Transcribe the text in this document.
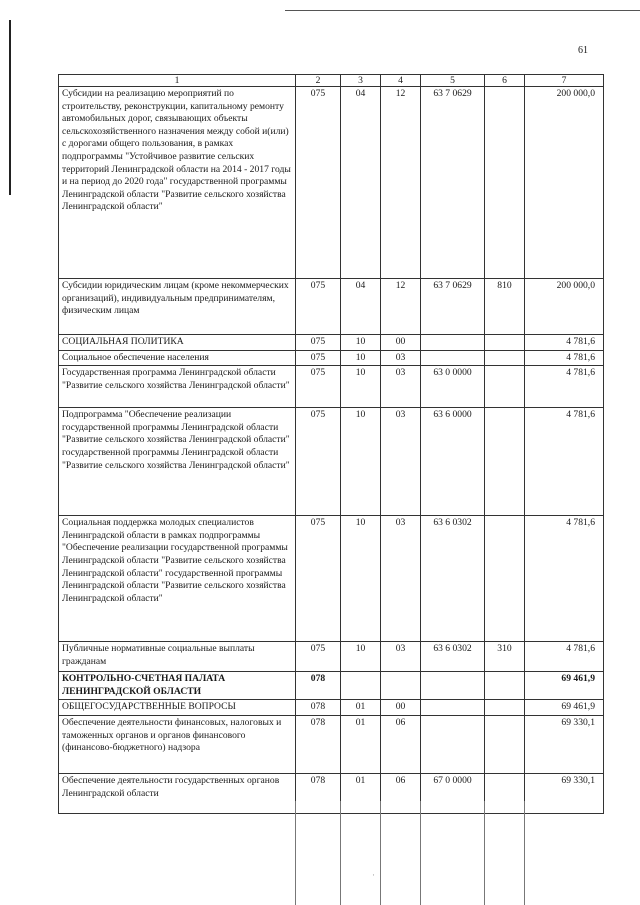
61
1	2	3	4	5	6	7
Субсидии на реализацию мероприятий по строительству, реконструкции, капитальному ремонту автомобильных дорог, связывающих объекты сельскохозяйственного назначения между собой и(или) с дорогами общего пользования, в рамках подпрограммы "Устойчивое развитие сельских территорий Ленинградской области на 2014 - 2017 годы и на период до 2020 года" государственной программы Ленинградской области "Развитие сельского хозяйства Ленинградской области"	075	04	12	63 7 0629		200 000,0
Субсидии юридическим лицам (кроме некоммерческих организаций), индивидуальным предпринимателям, физическим лицам	075	04	12	63 7 0629	810	200 000,0
СОЦИАЛЬНАЯ ПОЛИТИКА	075	10	00			4 781,6
Социальное обеспечение населения	075	10	03			4 781,6
Государственная программа Ленинградской области "Развитие сельского хозяйства Ленинградской области"	075	10	03	63 0 0000		4 781,6
Подпрограмма "Обеспечение реализации государственной программы Ленинградской области "Развитие сельского хозяйства Ленинградской области" государственной программы Ленинградской области "Развитие сельского хозяйства Ленинградской области"	075	10	03	63 6 0000		4 781,6
Социальная поддержка молодых специалистов Ленинградской области в рамках подпрограммы "Обеспечение реализации государственной программы Ленинградской области "Развитие сельского хозяйства Ленинградской области" государственной программы Ленинградской области "Развитие сельского хозяйства Ленинградской области"	075	10	03	63 6 0302		4 781,6
Публичные нормативные социальные выплаты гражданам	075	10	03	63 6 0302	310	4 781,6
КОНТРОЛЬНО-СЧЕТНАЯ ПАЛАТА ЛЕНИНГРАДСКОЙ ОБЛАСТИ	078					69 461,9
ОБЩЕГОСУДАРСТВЕННЫЕ ВОПРОСЫ	078	01	00			69 461,9
Обеспечение деятельности финансовых, налоговых и таможенных органов и органов финансового (финансово-бюджетного) надзора	078	01	06			69 330,1
Обеспечение деятельности государственных органов Ленинградской области	078	01	06	67 0 0000		69 330,1
·
